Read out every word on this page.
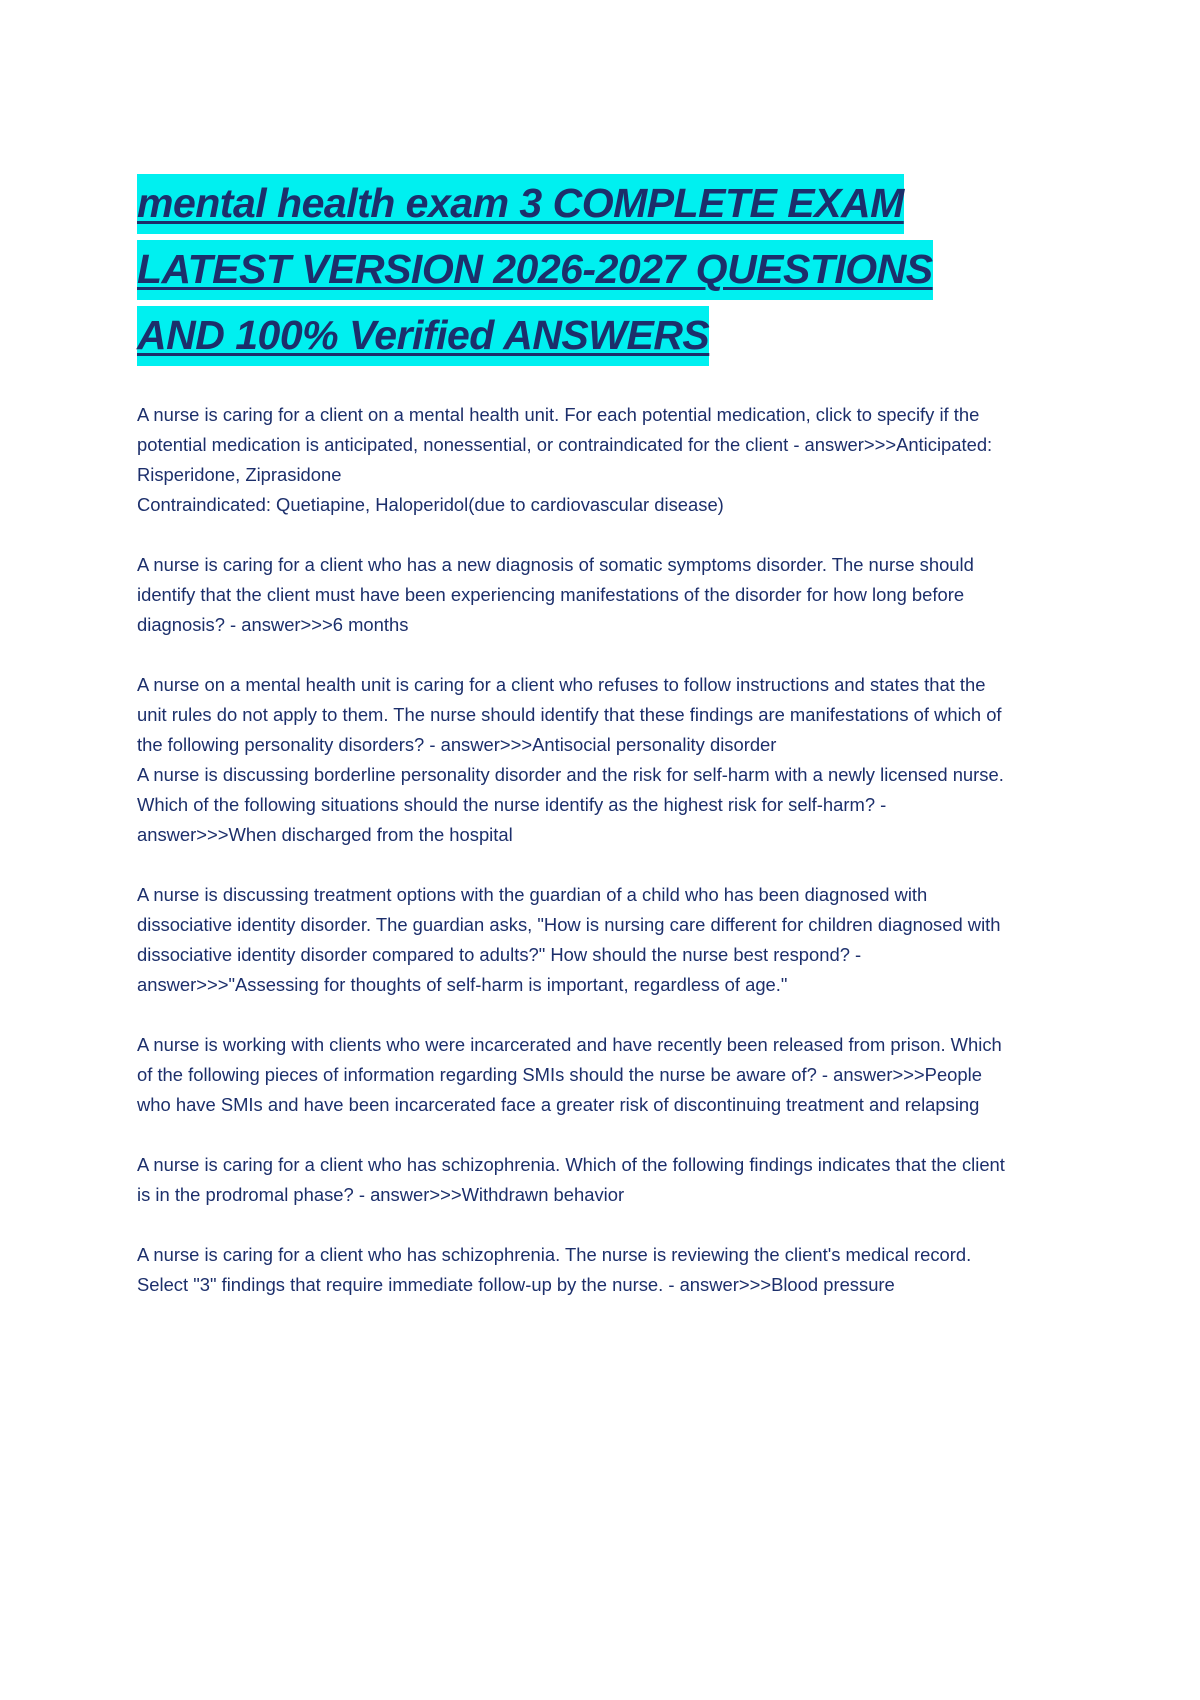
mental health exam 3 COMPLETE EXAM
LATEST VERSION 2026-2027 QUESTIONS
AND 100% Verified ANSWERS

A nurse is caring for a client on a mental health unit. For each potential medication, click to specify if the potential medication is anticipated, nonessential, or contraindicated for the client - answer>>>Anticipated: Risperidone, Ziprasidone

Contraindicated: Quetiapine, Haloperidol(due to cardiovascular disease)

A nurse is caring for a client who has a new diagnosis of somatic symptoms disorder. The nurse should identify that the client must have been experiencing manifestations of the disorder for how long before diagnosis? - answer>>>6 months

A nurse on a mental health unit is caring for a client who refuses to follow instructions and states that the unit rules do not apply to them. The nurse should identify that these findings are manifestations of which of the following personality disorders? - answer>>>Antisocial personality disorder

A nurse is discussing borderline personality disorder and the risk for self-harm with a newly licensed nurse. Which of the following situations should the nurse identify as the highest risk for self-harm? - answer>>>When discharged from the hospital

A nurse is discussing treatment options with the guardian of a child who has been diagnosed with dissociative identity disorder. The guardian asks, "How is nursing care different for children diagnosed with dissociative identity disorder compared to adults?" How should the nurse best respond? - answer>>>"Assessing for thoughts of self-harm is important, regardless of age."

A nurse is working with clients who were incarcerated and have recently been released from prison. Which of the following pieces of information regarding SMIs should the nurse be aware of? - answer>>>People who have SMIs and have been incarcerated face a greater risk of discontinuing treatment and relapsing

A nurse is caring for a client who has schizophrenia. Which of the following findings indicates that the client is in the prodromal phase? - answer>>>Withdrawn behavior

A nurse is caring for a client who has schizophrenia. The nurse is reviewing the client's medical record. Select "3" findings that require immediate follow-up by the nurse. - answer>>>Blood pressure
